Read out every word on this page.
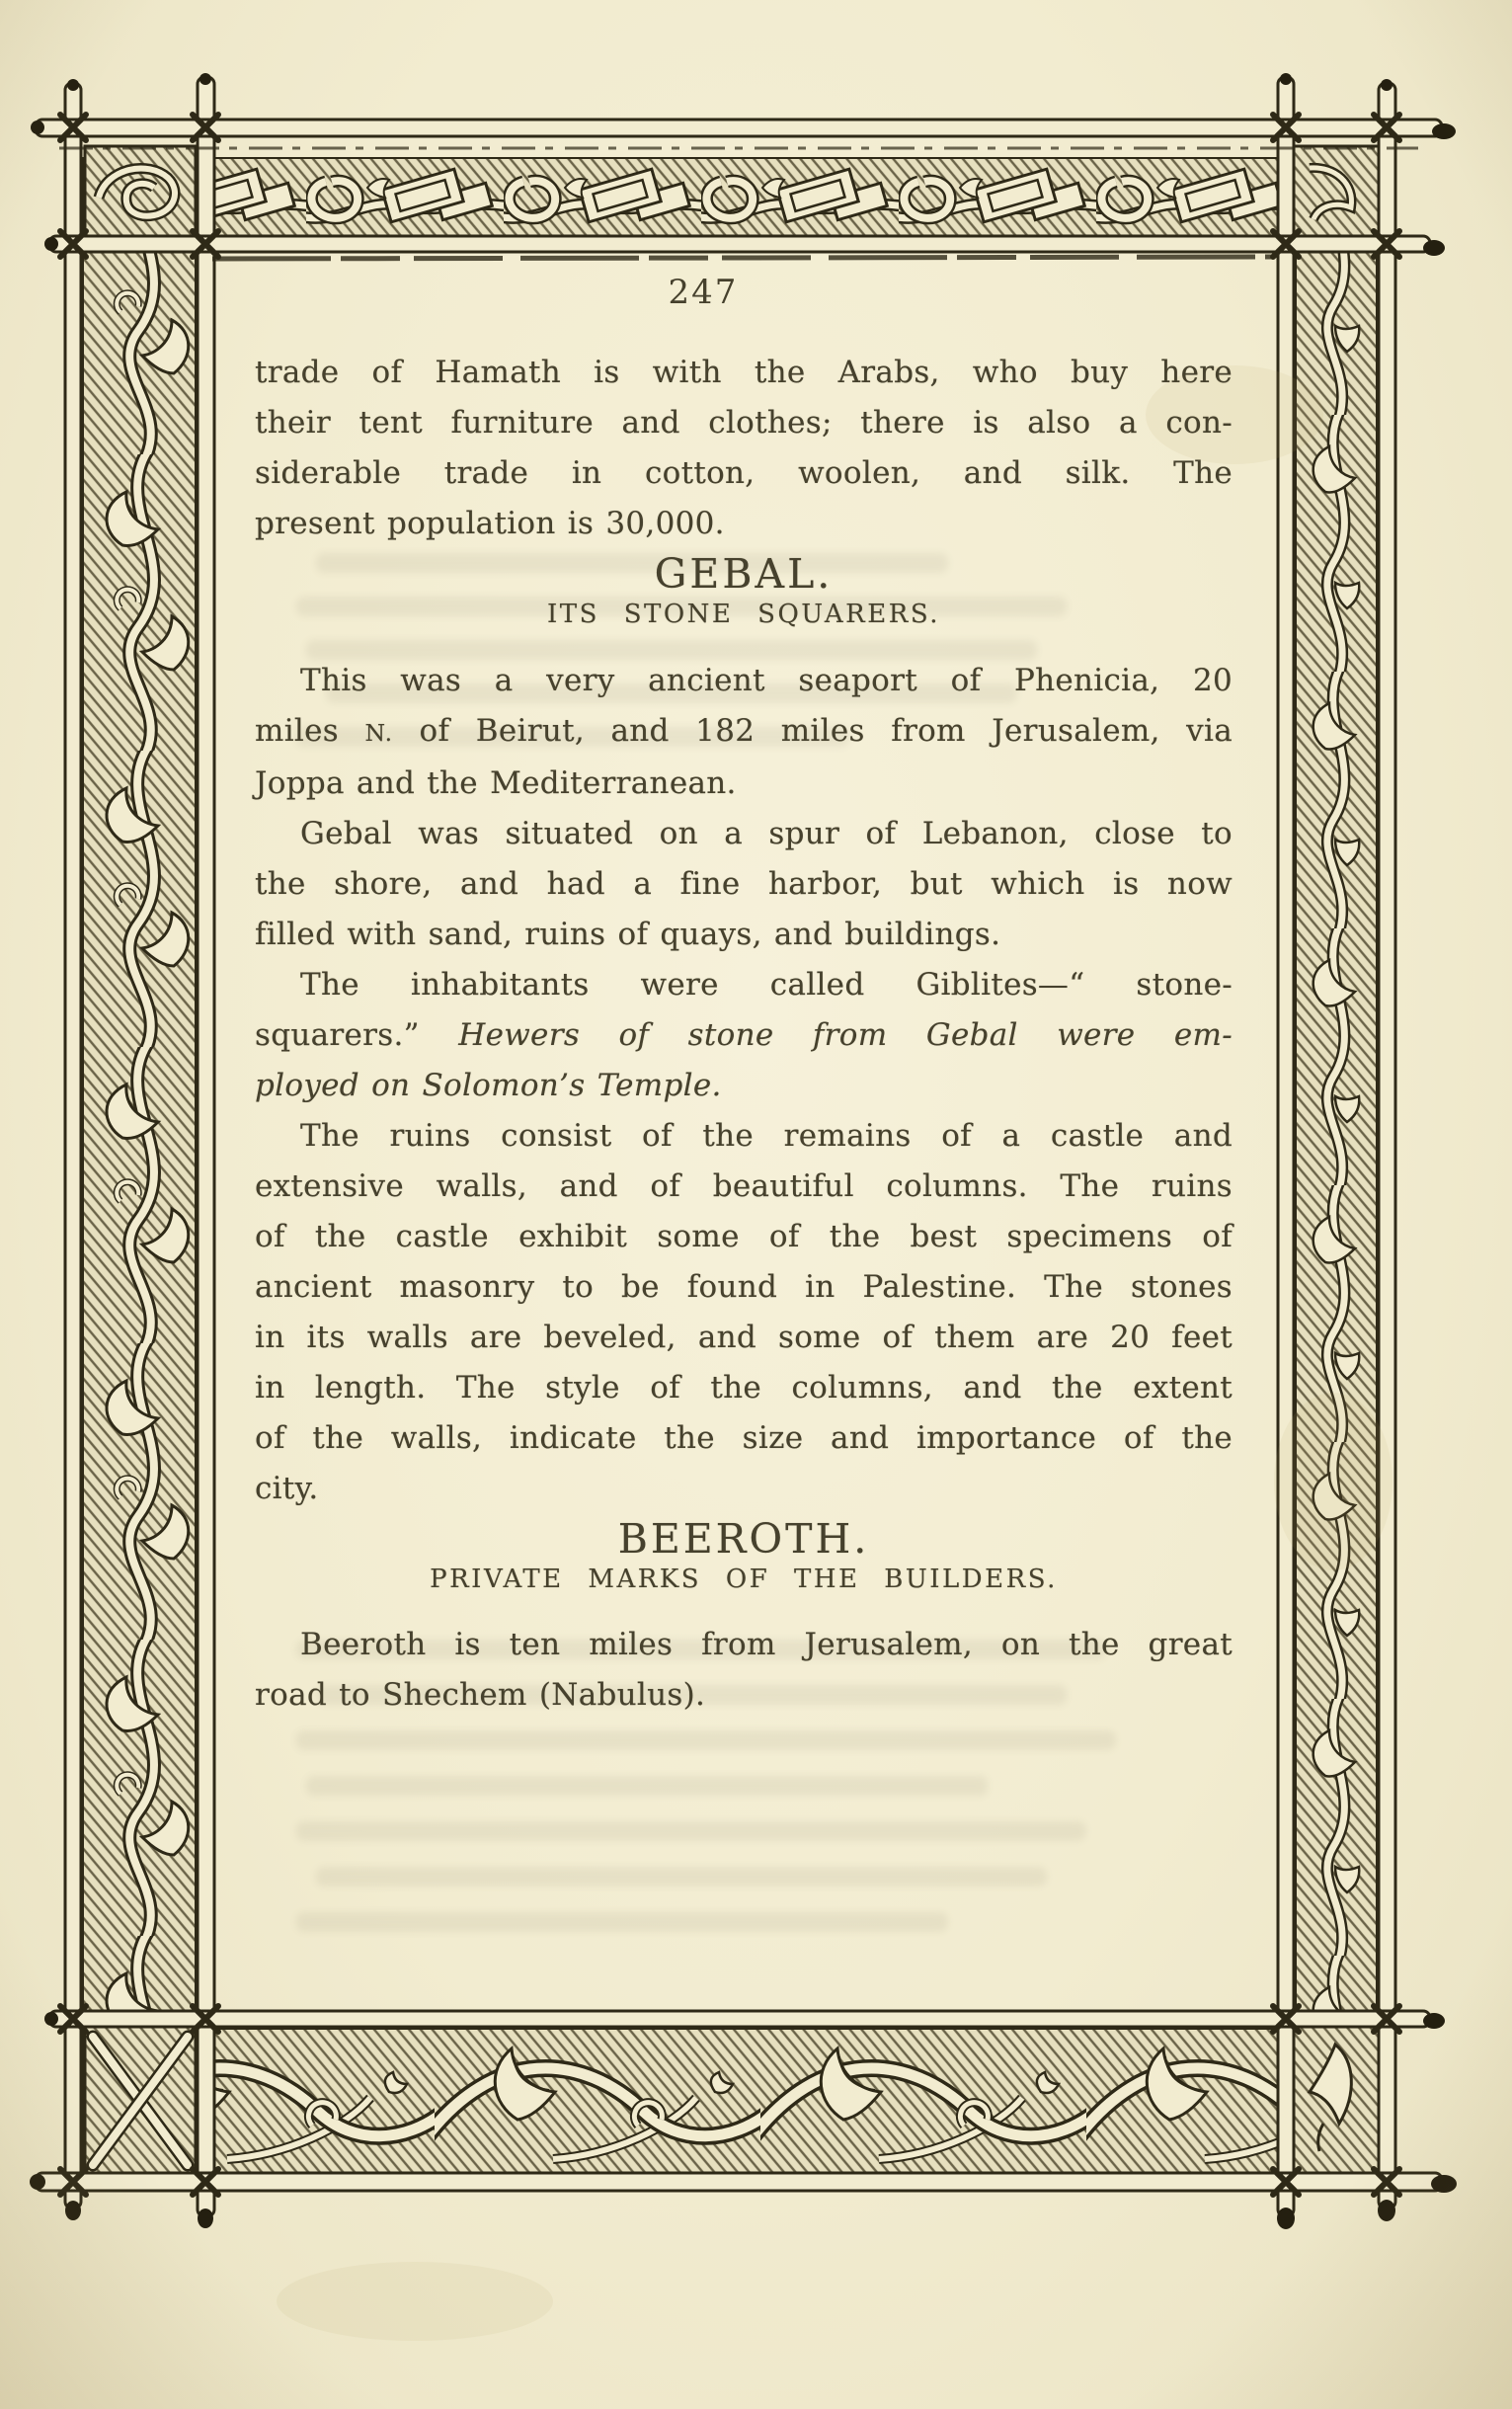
247
trade of Hamath is with the Arabs, who buy here
their tent furniture and clothes; there is also a con-
siderable trade in cotton, woolen, and silk. The
present population is 30,000.
GEBAL.
ITS STONE SQUARERS.
This was a very ancient seaport of Phenicia, 20
miles N. of Beirut, and 182 miles from Jerusalem, via
Joppa and the Mediterranean.
Gebal was situated on a spur of Lebanon, close to
the shore, and had a fine harbor, but which is now
filled with sand, ruins of quays, and buildings.
The inhabitants were called Giblites—“ stone-
squarers.” Hewers of stone from Gebal were em-
ployed on Solomon’s Temple.
The ruins consist of the remains of a castle and
extensive walls, and of beautiful columns. The ruins
of the castle exhibit some of the best specimens of
ancient masonry to be found in Palestine. The stones
in its walls are beveled, and some of them are 20 feet
in length. The style of the columns, and the extent
of the walls, indicate the size and importance of the
city.
BEEROTH.
PRIVATE MARKS OF THE BUILDERS.
Beeroth is ten miles from Jerusalem, on the great
road to Shechem (Nabulus).
